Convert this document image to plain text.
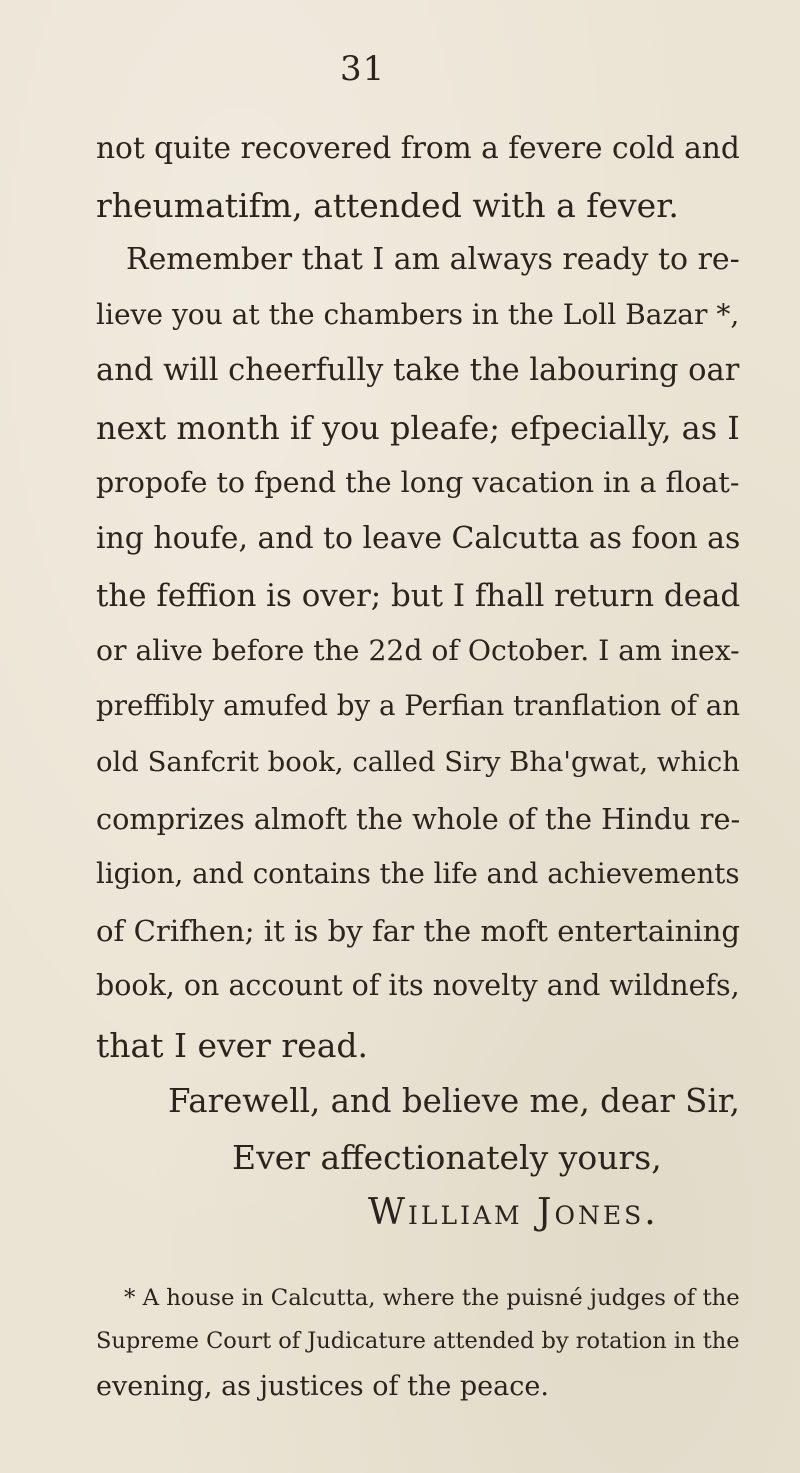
31
not quite recovered from a fevere cold and
rheumatifm, attended with a fever.
Remember that I am always ready to re-
lieve you at the chambers in the Loll Bazar *,
and will cheerfully take the labouring oar
next month if you pleafe; efpecially, as I
propofe to fpend the long vacation in a float-
ing houfe, and to leave Calcutta as foon as
the feffion is over; but I fhall return dead
or alive before the 22d of October. I am inex-
preffibly amufed by a Perfian tranflation of an
old Sanfcrit book, called Siry Bha'gwat, which
comprizes almoft the whole of the Hindu re-
ligion, and contains the life and achievements
of Crifhen; it is by far the moft entertaining
book, on account of its novelty and wildnefs,
that I ever read.
Farewell, and believe me, dear Sir,
Ever affectionately yours,
William Jones.
* A house in Calcutta, where the puisné judges of the
Supreme Court of Judicature attended by rotation in the
evening, as justices of the peace.
